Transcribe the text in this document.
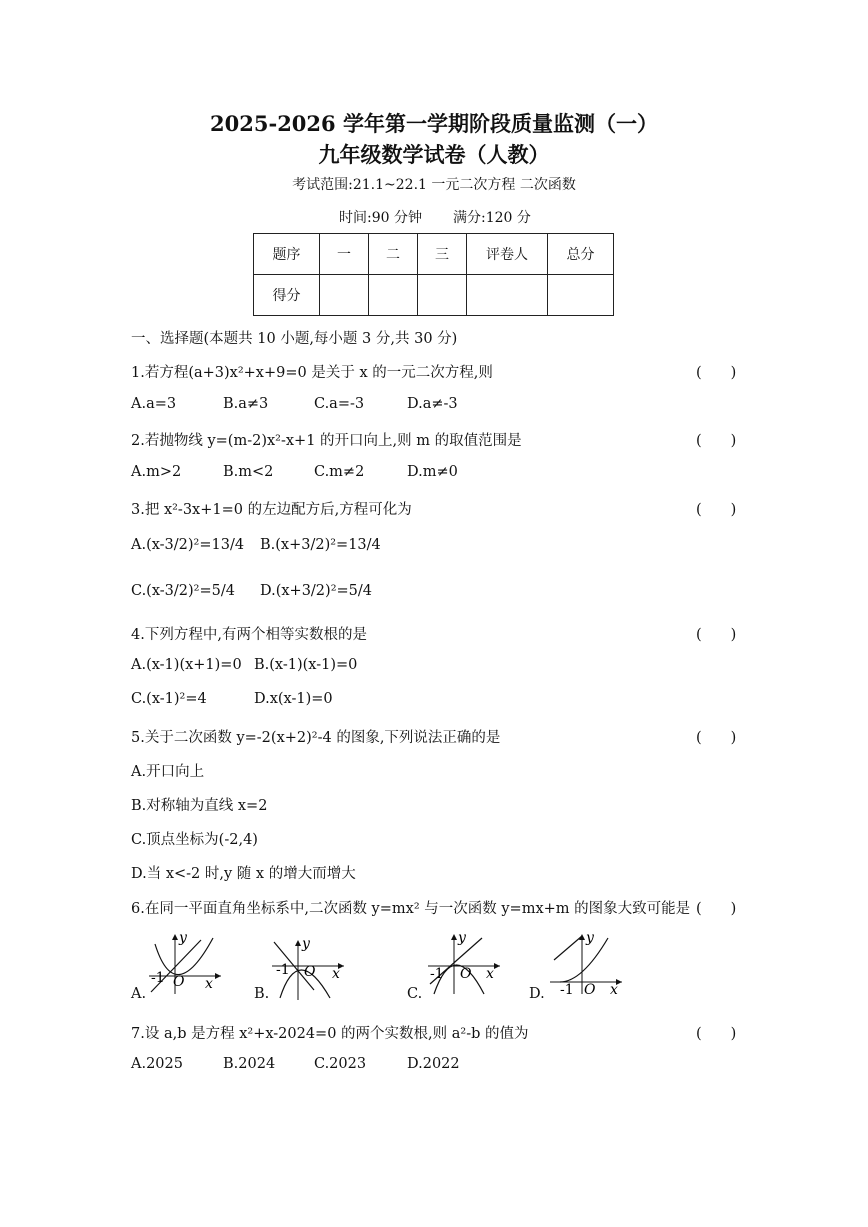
2025-2026 学年第一学期阶段质量监测（一）
九年级数学试卷（人教）
考试范围:21.1~22.1 一元二次方程 二次函数
时间:90 分钟 满分:120 分
题序	一	二	三	评卷人	总分
得分					
一、选择题(本题共 10 小题,每小题 3 分,共 30 分)
1.若方程(a+3)x²+x+9=0 是关于 x 的一元二次方程,则	(　　)
A.a=3	B.a≠3	C.a=-3	D.a≠-3
2.若抛物线 y=(m-2)x²-x+1 的开口向上,则 m 的取值范围是	(　　)
A.m>2	B.m<2	C.m≠2	D.m≠0
3.把 x²-3x+1=0 的左边配方后,方程可化为	(　　)
A.(x-3/2)²=13/4 B.(x+3/2)²=13/4
C.(x-3/2)²=5/4 D.(x+3/2)²=5/4
4.下列方程中,有两个相等实数根的是	(　　)
A.(x-1)(x+1)=0 B.(x-1)(x-1)=0
C.(x-1)²=4	D.x(x-1)=0
5.关于二次函数 y=-2(x+2)²-4 的图象,下列说法正确的是	(　　)
A.开口向上
B.对称轴为直线 x=2
C.顶点坐标为(-2,4)
D.当 x<-2 时,y 随 x 的增大而增大
6.在同一平面直角坐标系中,二次函数 y=mx² 与一次函数 y=mx+m 的图象大致可能是 (　　)
A.
y
x
-1 O
B.
y
x
-1 O
C.
y
x
-1 O
D.
y
x
-1 O
7.设 a,b 是方程 x²+x-2024=0 的两个实数根,则 a²-b 的值为	(　　)
A.2025	B.2024	C.2023	D.2022
